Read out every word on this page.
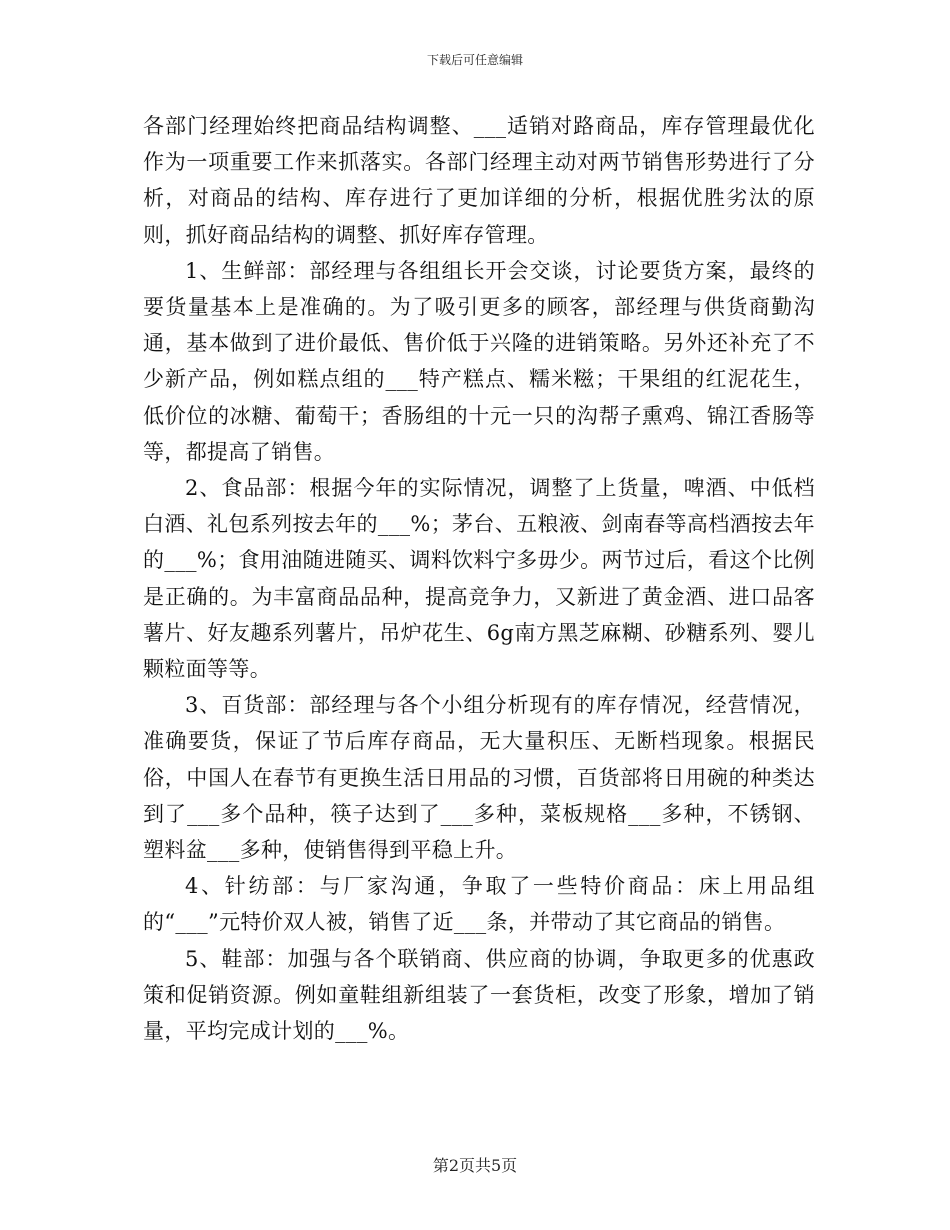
下载后可任意编辑

各部门经理始终把商品结构调整、___适销对路商品，库存管理最优化作为一项重要工作来抓落实。各部门经理主动对两节销售形势进行了分析，对商品的结构、库存进行了更加详细的分析，根据优胜劣汰的原则，抓好商品结构的调整、抓好库存管理。

1、生鲜部：部经理与各组组长开会交谈，讨论要货方案，最终的要货量基本上是准确的。为了吸引更多的顾客，部经理与供货商勤沟通，基本做到了进价最低、售价低于兴隆的进销策略。另外还补充了不少新产品，例如糕点组的___特产糕点、糯米糍；干果组的红泥花生，低价位的冰糖、葡萄干；香肠组的十元一只的沟帮子熏鸡、锦江香肠等等，都提高了销售。

2、食品部：根据今年的实际情况，调整了上货量，啤酒、中低档白酒、礼包系列按去年的___%；茅台、五粮液、剑南春等高档酒按去年的___%；食用油随进随买、调料饮料宁多毋少。两节过后，看这个比例是正确的。为丰富商品品种，提高竞争力，又新进了黄金酒、进口品客薯片、好友趣系列薯片，吊炉花生、6g南方黑芝麻糊、砂糖系列、婴儿颗粒面等等。

3、百货部：部经理与各个小组分析现有的库存情况，经营情况，准确要货，保证了节后库存商品，无大量积压、无断档现象。根据民俗，中国人在春节有更换生活日用品的习惯，百货部将日用碗的种类达到了___多个品种，筷子达到了___多种，菜板规格___多种，不锈钢、塑料盆___多种，使销售得到平稳上升。

4、针纺部：与厂家沟通，争取了一些特价商品：床上用品组的“___”元特价双人被，销售了近___条，并带动了其它商品的销售。

5、鞋部：加强与各个联销商、供应商的协调，争取更多的优惠政策和促销资源。例如童鞋组新组装了一套货柜，改变了形象，增加了销量，平均完成计划的___%。

第2页共5页
